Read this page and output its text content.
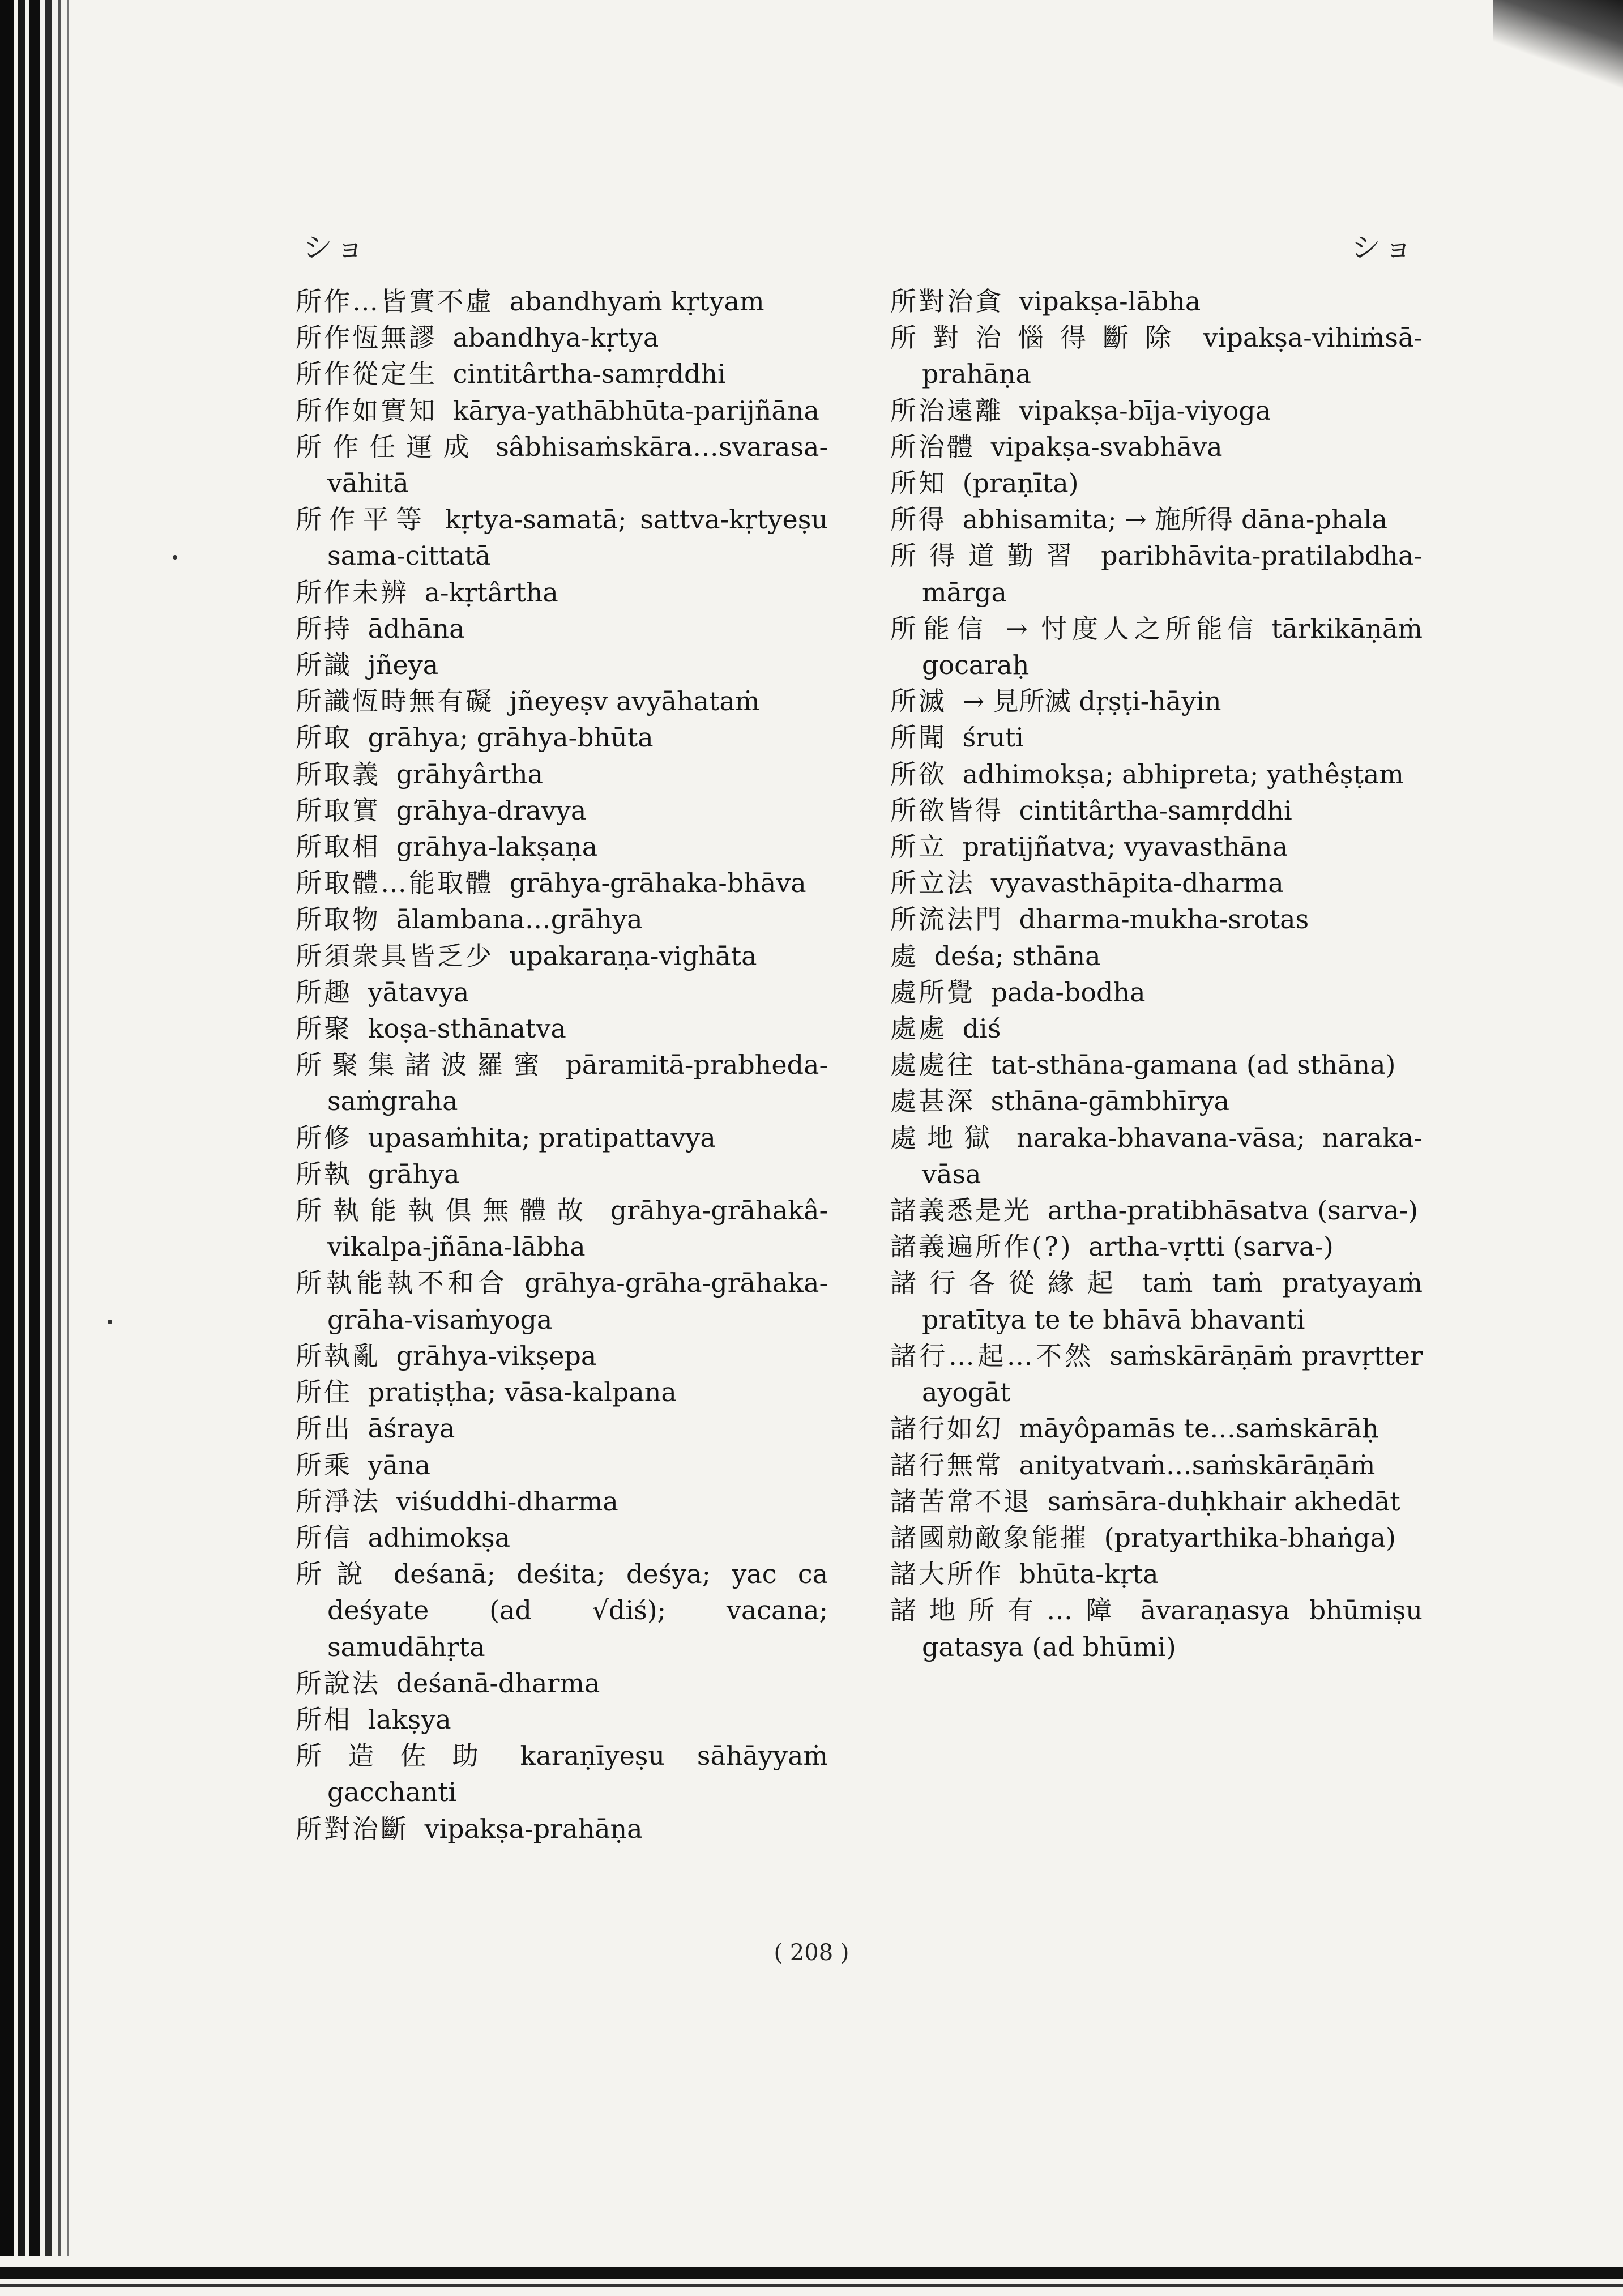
ショ	ショ
所作…皆實不虛 abandhyaṁ kṛtyam
所作恆無謬 abandhya-kṛtya
所作從定生 cintitârtha-samṛddhi
所作如實知 kārya-yathābhūta-parijñāna
所作任運成 sâbhisaṁskāra…svarasa-vāhitā
所作平等 kṛtya-samatā; sattva-kṛtyeṣu sama-cittatā
所作未辨 a-kṛtârtha
所持 ādhāna
所識 jñeya
所識恆時無有礙 jñeyeṣv avyāhataṁ
所取 grāhya; grāhya-bhūta
所取義 grāhyârtha
所取實 grāhya-dravya
所取相 grāhya-lakṣaṇa
所取體…能取體 grāhya-grāhaka-bhāva
所取物 ālambana…grāhya
所須衆具皆乏少 upakaraṇa-vighāta
所趣 yātavya
所聚 koṣa-sthānatva
所聚集諸波羅蜜 pāramitā-prabheda-saṁgraha
所修 upasaṁhita; pratipattavya
所執 grāhya
所執能執倶無體故 grāhya-grāhakâ-vikalpa-jñāna-lābha
所執能執不和合 grāhya-grāha-grāhaka-grāha-visaṁyoga
所執亂 grāhya-vikṣepa
所住 pratiṣṭha; vāsa-kalpana
所出 āśraya
所乘 yāna
所淨法 viśuddhi-dharma
所信 adhimokṣa
所說 deśanā; deśita; deśya; yac ca deśyate (ad √diś); vacana; samudāhṛta
所說法 deśanā-dharma
所相 lakṣya
所造佐助 karaṇīyeṣu sāhāyyaṁ gacchanti
所對治斷 vipakṣa-prahāṇa
所對治貪 vipakṣa-lābha
所對治惱得斷除 vipakṣa-vihiṁsā-prahāṇa
所治遠離 vipakṣa-bīja-viyoga
所治體 vipakṣa-svabhāva
所知 (praṇīta)
所得 abhisamita; → 施所得 dāna-phala
所得道勤習 paribhāvita-pratilabdha-mārga
所能信 → 忖度人之所能信 tārkikāṇāṁ gocaraḥ
所滅 → 見所滅 dṛṣṭi-hāyin
所聞 śruti
所欲 adhimokṣa; abhipreta; yathêṣṭam
所欲皆得 cintitârtha-samṛddhi
所立 pratijñatva; vyavasthāna
所立法 vyavasthāpita-dharma
所流法門 dharma-mukha-srotas
處 deśa; sthāna
處所覺 pada-bodha
處處 diś
處處往 tat-sthāna-gamana (ad sthāna)
處甚深 sthāna-gāmbhīrya
處地獄 naraka-bhavana-vāsa; naraka-vāsa
諸義悉是光 artha-pratibhāsatva (sarva-)
諸義遍所作(?) artha-vṛtti (sarva-)
諸行各從緣起 taṁ taṁ pratyayaṁ pratītya te te bhāvā bhavanti
諸行…起…不然 saṁskārāṇāṁ pravṛtter ayogāt
諸行如幻 māyôpamās te…saṁskārāḥ
諸行無常 anityatvaṁ…saṁskārāṇāṁ
諸苦常不退 saṁsāra-duḥkhair akhedāt
諸國勍敵象能摧 (pratyarthika-bhaṅga)
諸大所作 bhūta-kṛta
諸地所有…障 āvaraṇasya bhūmiṣu gatasya (ad bhūmi)
( 208 )
